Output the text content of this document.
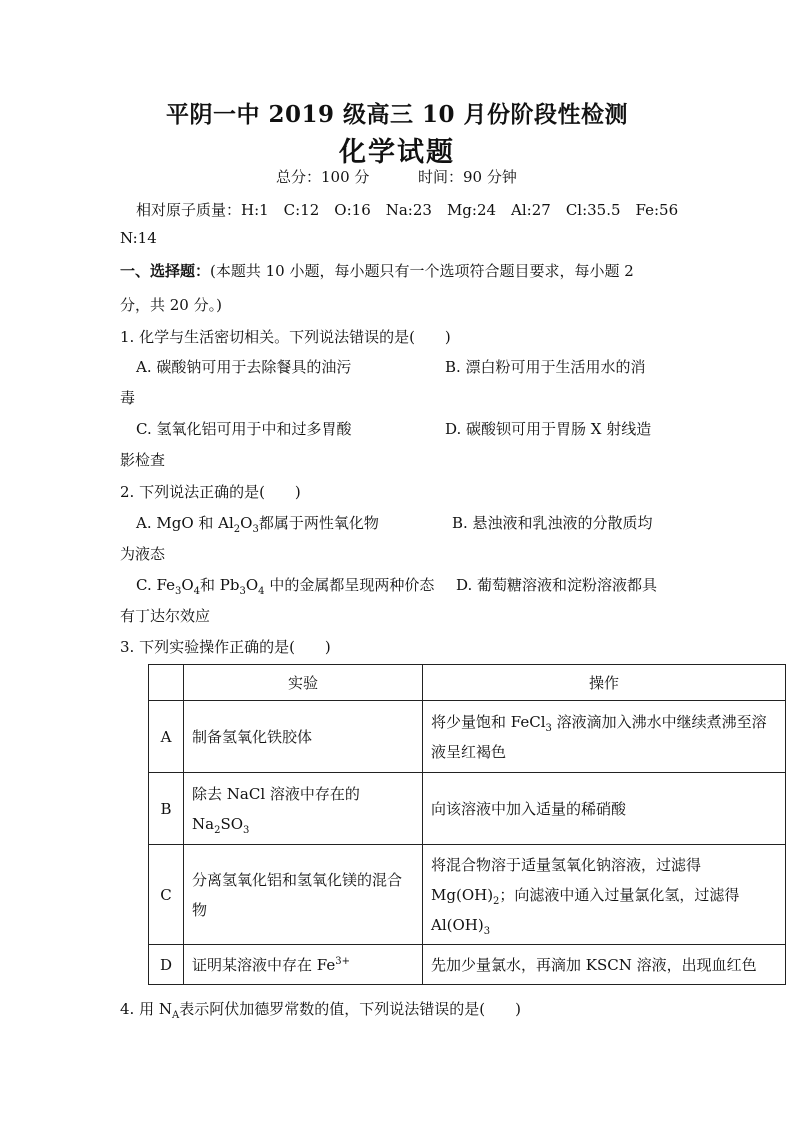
平阴一中 2019 级高三 10 月份阶段性检测
化学试题
总分：100 分	时间：90 分钟
相对原子质量：H:1　C:12　O:16　Na:23　Mg:24　Al:27　Cl:35.5　Fe:56
N:14
一、选择题：(本题共 10 小题，每小题只有一个选项符合题目要求，每小题 2
分，共 20 分。)
1. 化学与生活密切相关。下列说法错误的是(　　)
A. 碳酸钠可用于去除餐具的油污	B. 漂白粉可用于生活用水的消
毒
C. 氢氧化铝可用于中和过多胃酸	D. 碳酸钡可用于胃肠 X 射线造
影检查
2. 下列说法正确的是(　　)
A. MgO 和 $Al_2O_3$都属于两性氧化物	B. 悬浊液和乳浊液的分散质均
为液态
C. $Fe_3O_4$和 $Pb_3O_4$ 中的金属都呈现两种价态 D. 葡萄糖溶液和淀粉溶液都具
有丁达尔效应
3. 下列实验操作正确的是(　　)
	实验	操作
A	制备氢氧化铁胶体	将少量饱和 FeCl$_3$ 溶液滴加入沸水中继续煮沸至溶液呈红褐色
B	除去 NaCl 溶液中存在的 $Na_2SO_3$	向该溶液中加入适量的稀硝酸
C	分离氢氧化铝和氢氧化镁的混合物	将混合物溶于适量氢氧化钠溶液，过滤得 $Mg(OH)_2$；向滤液中通入过量氯化氢，过滤得 $Al(OH)_3$
D	证明某溶液中存在 $Fe^{3+}$	先加少量氯水，再滴加 KSCN 溶液，出现血红色
4. 用 $N_A$表示阿伏加德罗常数的值，下列说法错误的是(　　)
